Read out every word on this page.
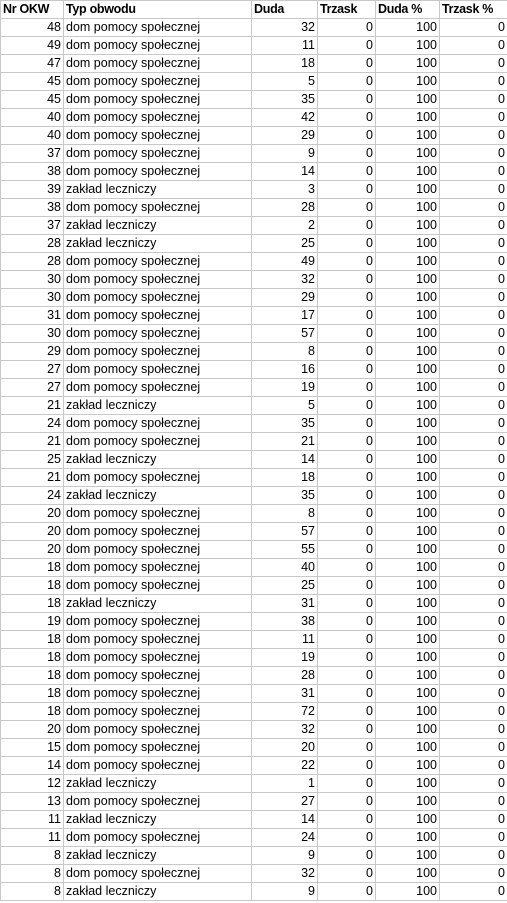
Nr OKW	Typ obwodu	Duda	Trzask	Duda %	Trzask %
48	dom pomocy społecznej	32	0	100	0
49	dom pomocy społecznej	11	0	100	0
47	dom pomocy społecznej	18	0	100	0
45	dom pomocy społecznej	5	0	100	0
45	dom pomocy społecznej	35	0	100	0
40	dom pomocy społecznej	42	0	100	0
40	dom pomocy społecznej	29	0	100	0
37	dom pomocy społecznej	9	0	100	0
38	dom pomocy społecznej	14	0	100	0
39	zakład leczniczy	3	0	100	0
38	dom pomocy społecznej	28	0	100	0
37	zakład leczniczy	2	0	100	0
28	zakład leczniczy	25	0	100	0
28	dom pomocy społecznej	49	0	100	0
30	dom pomocy społecznej	32	0	100	0
30	dom pomocy społecznej	29	0	100	0
31	dom pomocy społecznej	17	0	100	0
30	dom pomocy społecznej	57	0	100	0
29	dom pomocy społecznej	8	0	100	0
27	dom pomocy społecznej	16	0	100	0
27	dom pomocy społecznej	19	0	100	0
21	zakład leczniczy	5	0	100	0
24	dom pomocy społecznej	35	0	100	0
21	dom pomocy społecznej	21	0	100	0
25	zakład leczniczy	14	0	100	0
21	dom pomocy społecznej	18	0	100	0
24	zakład leczniczy	35	0	100	0
20	dom pomocy społecznej	8	0	100	0
20	dom pomocy społecznej	57	0	100	0
20	dom pomocy społecznej	55	0	100	0
18	dom pomocy społecznej	40	0	100	0
18	dom pomocy społecznej	25	0	100	0
18	zakład leczniczy	31	0	100	0
19	dom pomocy społecznej	38	0	100	0
18	dom pomocy społecznej	11	0	100	0
18	dom pomocy społecznej	19	0	100	0
18	dom pomocy społecznej	28	0	100	0
18	dom pomocy społecznej	31	0	100	0
18	dom pomocy społecznej	72	0	100	0
20	dom pomocy społecznej	32	0	100	0
15	dom pomocy społecznej	20	0	100	0
14	dom pomocy społecznej	22	0	100	0
12	zakład leczniczy	1	0	100	0
13	dom pomocy społecznej	27	0	100	0
11	zakład leczniczy	14	0	100	0
11	dom pomocy społecznej	24	0	100	0
8	zakład leczniczy	9	0	100	0
8	dom pomocy społecznej	32	0	100	0
8	zakład leczniczy	9	0	100	0
